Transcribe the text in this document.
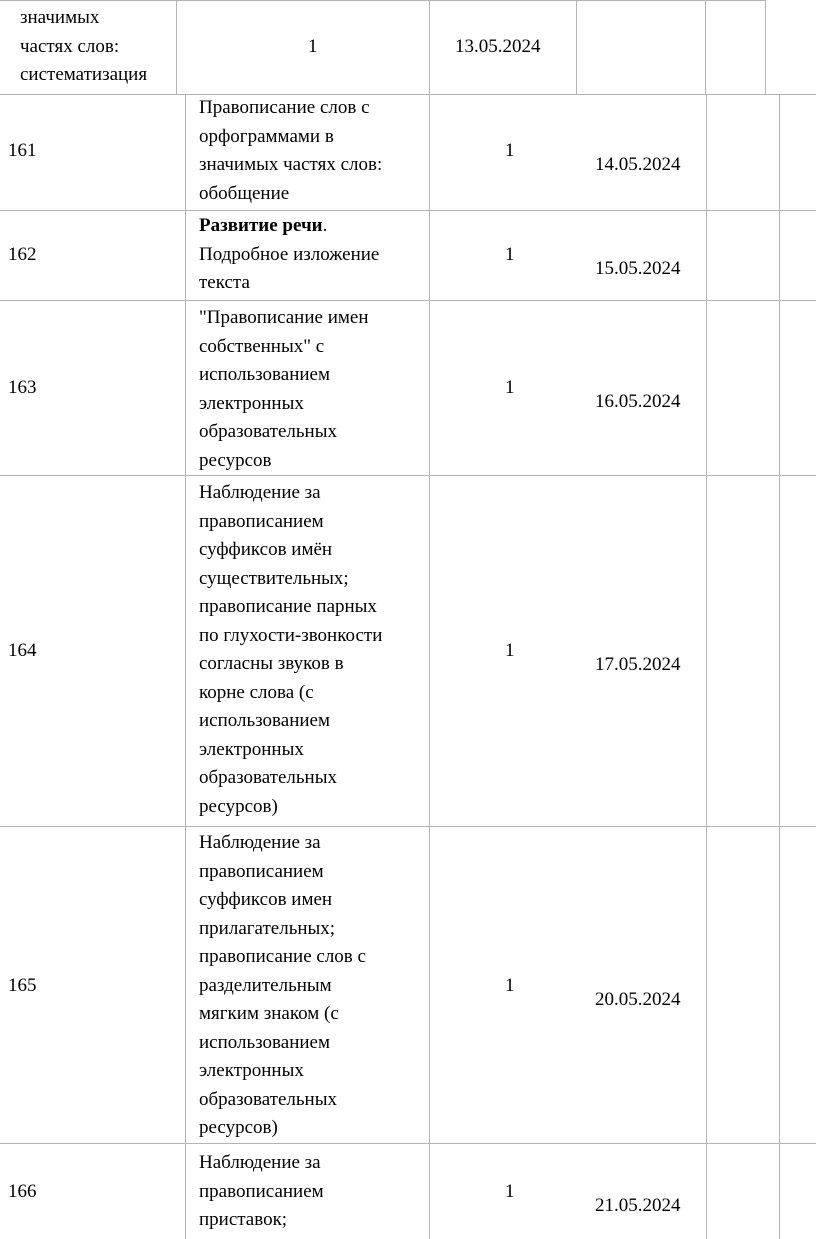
значимых
частях слов:
систематизация
1	13.05.2024
161
Правописание слов с
орфограммами в
значимых частях слов:
обобщение
1
14.05.2024
162
Развитие речи.
Подробное изложение
текста
1
15.05.2024
163
"Правописание имен
собственных" с
использованием
электронных
образовательных
ресурсов
1
16.05.2024
164
Наблюдение за
правописанием
суффиксов имён
существительных;
правописание парных
по глухости-звонкости
согласны звуков в
корне слова (с
использованием
электронных
образовательных
ресурсов)
1
17.05.2024
165
Наблюдение за
правописанием
суффиксов имен
прилагательных;
правописание слов с
разделительным
мягким знаком (с
использованием
электронных
образовательных
ресурсов)
1
20.05.2024
166
Наблюдение за
правописанием
приставок;
1
21.05.2024
